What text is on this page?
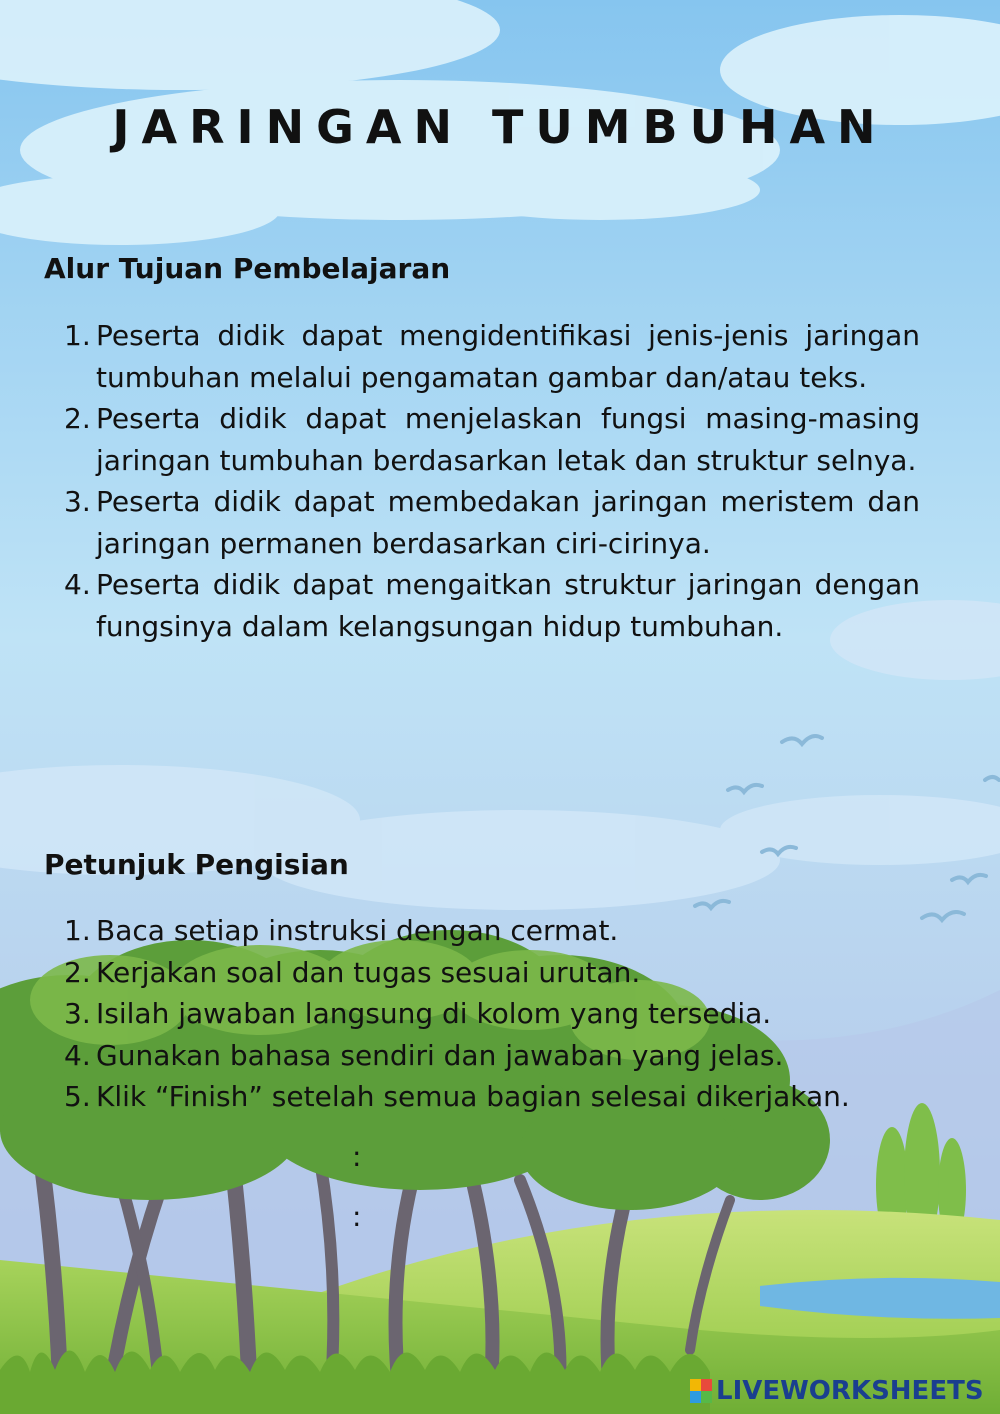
JARINGAN TUMBUHAN
Alur Tujuan Pembelajaran
1. Peserta didik dapat mengidentifikasi jenis-jenis jaringan tumbuhan melalui pengamatan gambar dan/atau teks.
2. Peserta didik dapat menjelaskan fungsi masing-masing jaringan tumbuhan berdasarkan letak dan struktur selnya.
3. Peserta didik dapat membedakan jaringan meristem dan jaringan permanen berdasarkan ciri-cirinya.
4. Peserta didik dapat mengaitkan struktur jaringan dengan fungsinya dalam kelangsungan hidup tumbuhan.
Petunjuk Pengisian
1. Baca setiap instruksi dengan cermat.
2. Kerjakan soal dan tugas sesuai urutan.
3. Isilah jawaban langsung di kolom yang tersedia.
4. Gunakan bahasa sendiri dan jawaban yang jelas.
5. Klik “Finish” setelah semua bagian selesai dikerjakan.
:
:
LIVEWORKSHEETS
